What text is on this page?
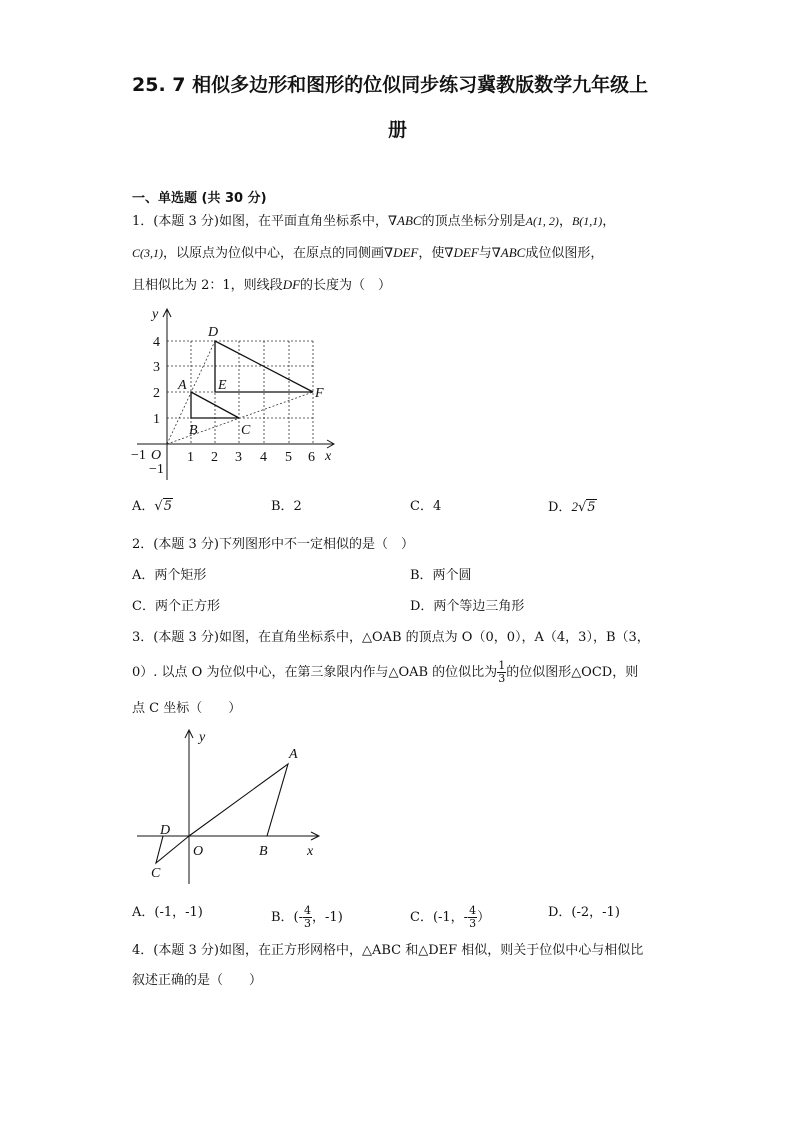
25. 7 相似多边形和图形的位似同步练习冀教版数学九年级上
册
一、单选题 (共 30 分)
1．(本题 3 分)如图，在平面直角坐标系中，∇ABC的顶点坐标分别是A(1, 2)，B(1,1)，
C(3,1)，以原点为位似中心，在原点的同侧画∇DEF，使∇DEF与∇ABC成位似图形，
且相似比为 2：1，则线段DF的长度为（　）
y
x
O
−1	1 2 3 4 5 6
4
3
2
1
−1
D
A E
F
B	C
A．√5	B．2	C．4	D．2√5
2．(本题 3 分)下列图形中不一定相似的是（　）
A．两个矩形	B．两个圆
C．两个正方形	D．两个等边三角形
3．(本题 3 分)如图，在直角坐标系中，△OAB 的顶点为 O（0，0），A（4，3），B（3，
0）. 以点 O 为位似中心，在第三象限内作与△OAB 的位似比为 $\frac{1}{3}$ 的位似图形△OCD，则
点 C 坐标（　　）
y
A
D
O	B	x
C
A．(-1，-1)	B．(- $\frac{4}{3}$ ，-1)	C．(-1，- $\frac{4}{3}$ ）	D．(-2，-1)
4．(本题 3 分)如图，在正方形网格中，△ABC 和△DEF 相似，则关于位似中心与相似比
叙述正确的是（　　）
